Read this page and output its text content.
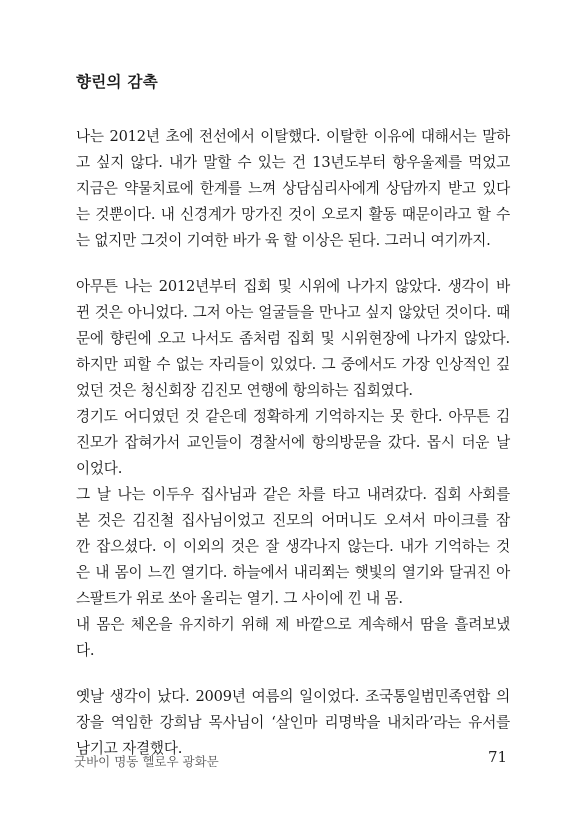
향린의 감촉

나는 2012년 초에 전선에서 이탈했다. 이탈한 이유에 대해서는 말하
고 싶지 않다. 내가 말할 수 있는 건 13년도부터 항우울제를 먹었고
지금은 약물치료에 한계를 느껴 상담심리사에게 상담까지 받고 있다
는 것뿐이다. 내 신경계가 망가진 것이 오로지 활동 때문이라고 할 수
는 없지만 그것이 기여한 바가 육 할 이상은 된다. 그러니 여기까지.

아무튼 나는 2012년부터 집회 및 시위에 나가지 않았다. 생각이 바
뀐 것은 아니었다. 그저 아는 얼굴들을 만나고 싶지 않았던 것이다. 때
문에 향린에 오고 나서도 좀처럼 집회 및 시위현장에 나가지 않았다.
하지만 피할 수 없는 자리들이 있었다. 그 중에서도 가장 인상적인 깊
었던 것은 청신회장 김진모 연행에 항의하는 집회였다.
경기도 어디였던 것 같은데 정확하게 기억하지는 못 한다. 아무튼 김
진모가 잡혀가서 교인들이 경찰서에 항의방문을 갔다. 몹시 더운 날
이었다.
그 날 나는 이두우 집사님과 같은 차를 타고 내려갔다. 집회 사회를
본 것은 김진철 집사님이었고 진모의 어머니도 오셔서 마이크를 잠
깐 잡으셨다. 이 이외의 것은 잘 생각나지 않는다. 내가 기억하는 것
은 내 몸이 느낀 열기다. 하늘에서 내리쬐는 햇빛의 열기와 달궈진 아
스팔트가 위로 쏘아 올리는 열기. 그 사이에 낀 내 몸.
내 몸은 체온을 유지하기 위해 제 바깥으로 계속해서 땀을 흘려보냈
다.

옛날 생각이 났다. 2009년 여름의 일이었다. 조국통일범민족연합 의
장을 역임한 강희남 목사님이 ‘살인마 리명박을 내치라’라는 유서를
남기고 자결했다.

굿바이 명동 헬로우 광화문	71
